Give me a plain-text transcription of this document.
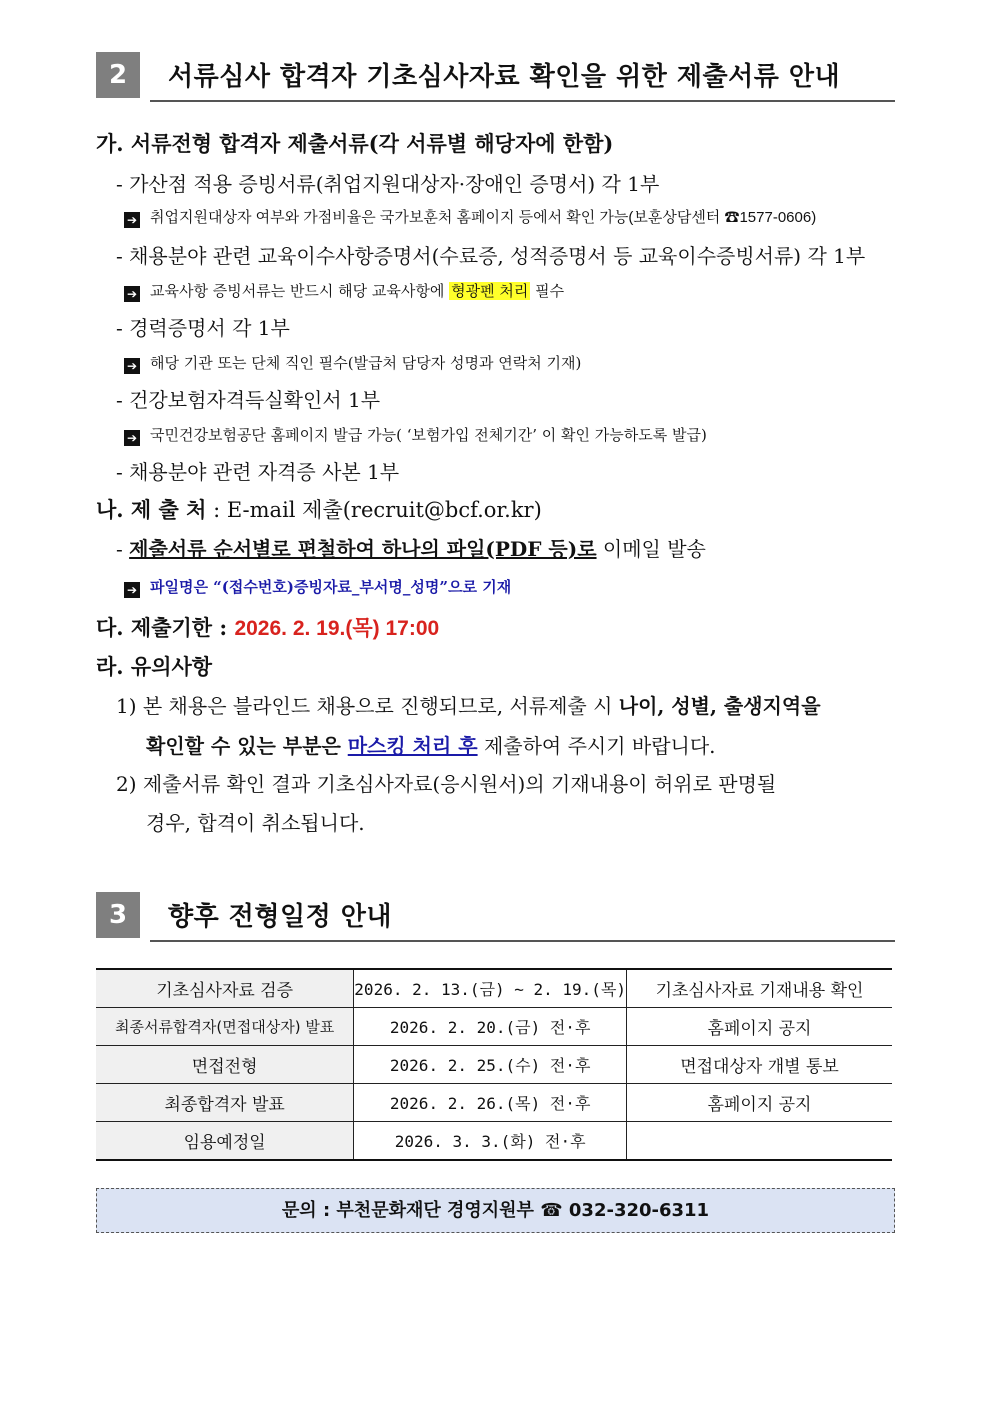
2	서류심사 합격자 기초심사자료 확인을 위한 제출서류 안내
가. 서류전형 합격자 제출서류(각 서류별 해당자에 한함)
- 가산점 적용 증빙서류(취업지원대상자·장애인 증명서) 각 1부
➔ 취업지원대상자 여부와 가점비율은 국가보훈처 홈페이지 등에서 확인 가능(보훈상담센터 ☎1577-0606)
- 채용분야 관련 교육이수사항증명서(수료증, 성적증명서 등 교육이수증빙서류) 각 1부
➔ 교육사항 증빙서류는 반드시 해당 교육사항에 형광펜 처리 필수
- 경력증명서 각 1부
➔ 해당 기관 또는 단체 직인 필수(발급처 담당자 성명과 연락처 기재)
- 건강보험자격득실확인서 1부
➔ 국민건강보험공단 홈페이지 발급 가능( ‘보험가입 전체기간’ 이 확인 가능하도록 발급)
- 채용분야 관련 자격증 사본 1부
나. 제 출 처 : E-mail 제출(recruit@bcf.or.kr)
- 제출서류 순서별로 편철하여 하나의 파일(PDF 등)로 이메일 발송
➔ 파일명은 “(접수번호)증빙자료_부서명_성명”으로 기재
다. 제출기한 : 2026. 2. 19.(목) 17:00
라. 유의사항
1) 본 채용은 블라인드 채용으로 진행되므로, 서류제출 시 나이, 성별, 출생지역을
확인할 수 있는 부분은 마스킹 처리 후 제출하여 주시기 바랍니다.
2) 제출서류 확인 결과 기초심사자료(응시원서)의 기재내용이 허위로 판명될
경우, 합격이 취소됩니다.
3	향후 전형일정 안내
기초심사자료 검증	2026. 2. 13.(금) ~ 2. 19.(목)	기초심사자료 기재내용 확인
최종서류합격자(면접대상자) 발표	2026. 2. 20.(금) 전·후	홈페이지 공지
면접전형	2026. 2. 25.(수) 전·후	면접대상자 개별 통보
최종합격자 발표	2026. 2. 26.(목) 전·후	홈페이지 공지
임용예정일	2026. 3. 3.(화) 전·후	
문의 : 부천문화재단 경영지원부 ☎ 032-320-6311
